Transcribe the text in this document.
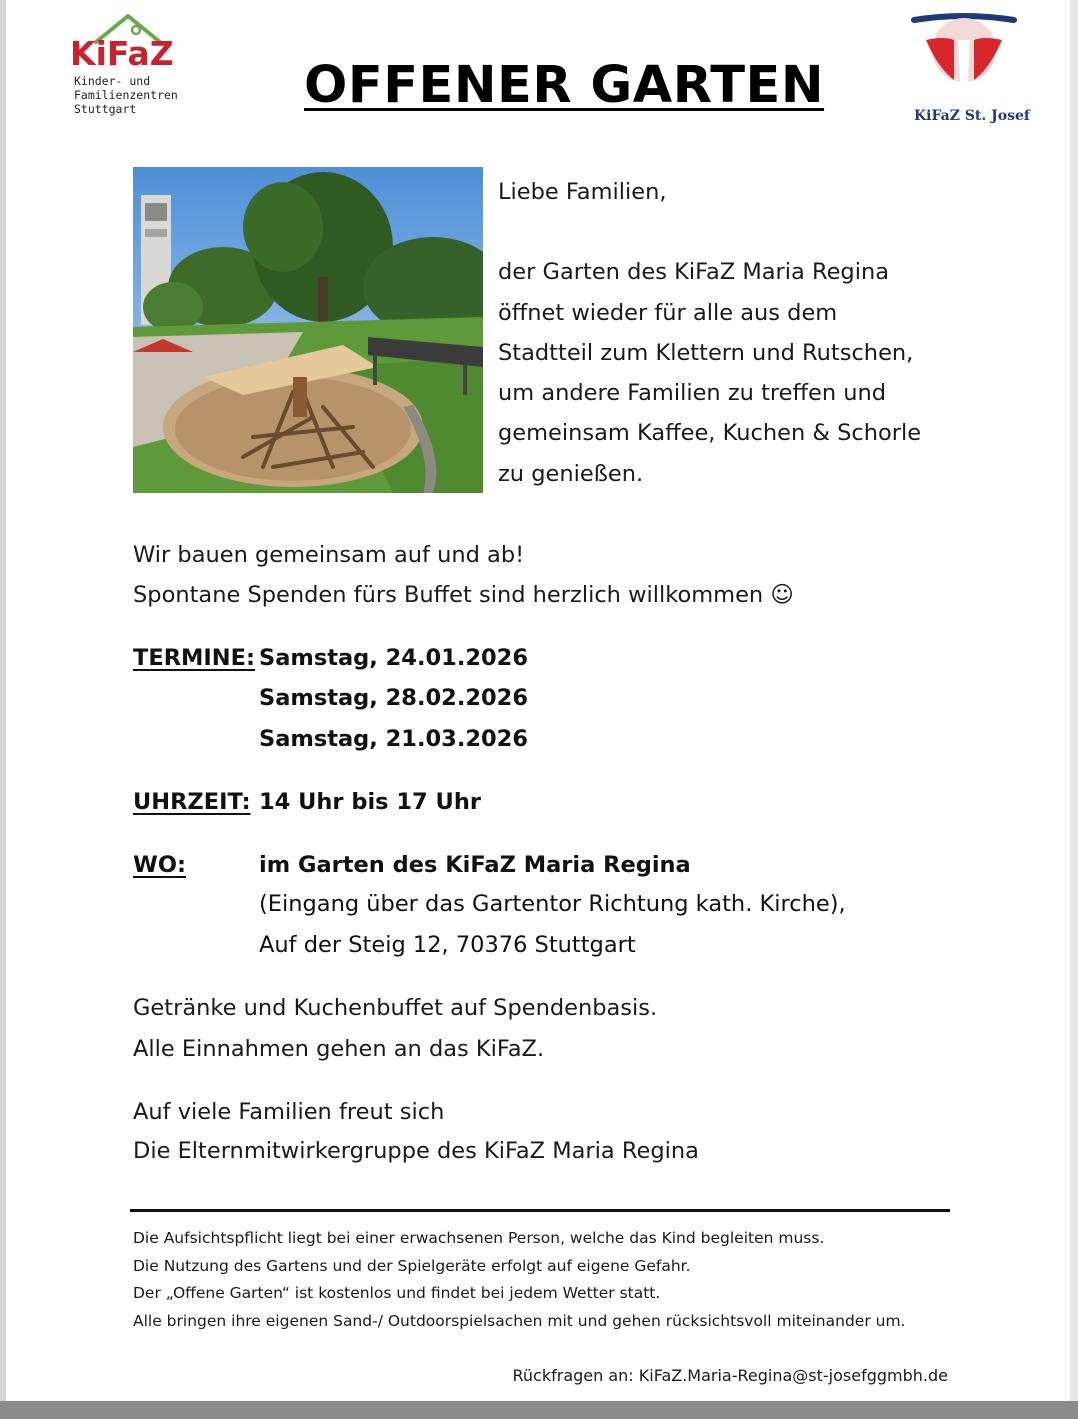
KiFaZ
Kinder- und
Familienzentren
Stuttgart	OFFENER GARTEN
KiFaZ St. Josef

Liebe Familien,

der Garten des KiFaZ Maria Regina

öffnet wieder für alle aus dem

Stadtteil zum Klettern und Rutschen,

um andere Familien zu treffen und

gemeinsam Kaffee, Kuchen & Schorle

zu genießen.

Wir bauen gemeinsam auf und ab!
Spontane Spenden fürs Buffet sind herzlich willkommen ☺
TERMINE: Samstag, 24.01.2026
Samstag, 28.02.2026
Samstag, 21.03.2026
UHRZEIT: 14 Uhr bis 17 Uhr
WO:	im Garten des KiFaZ Maria Regina
(Eingang über das Gartentor Richtung kath. Kirche),
Auf der Steig 12, 70376 Stuttgart
Getränke und Kuchenbuffet auf Spendenbasis.
Alle Einnahmen gehen an das KiFaZ.
Auf viele Familien freut sich
Die Elternmitwirkergruppe des KiFaZ Maria Regina

Die Aufsichtspflicht liegt bei einer erwachsenen Person, welche das Kind begleiten muss.

Die Nutzung des Gartens und der Spielgeräte erfolgt auf eigene Gefahr.

Der „Offene Garten“ ist kostenlos und findet bei jedem Wetter statt.

Alle bringen ihre eigenen Sand-/ Outdoorspielsachen mit und gehen rücksichtsvoll miteinander um.

Rückfragen an: KiFaZ.Maria-Regina@st-josefggmbh.de
